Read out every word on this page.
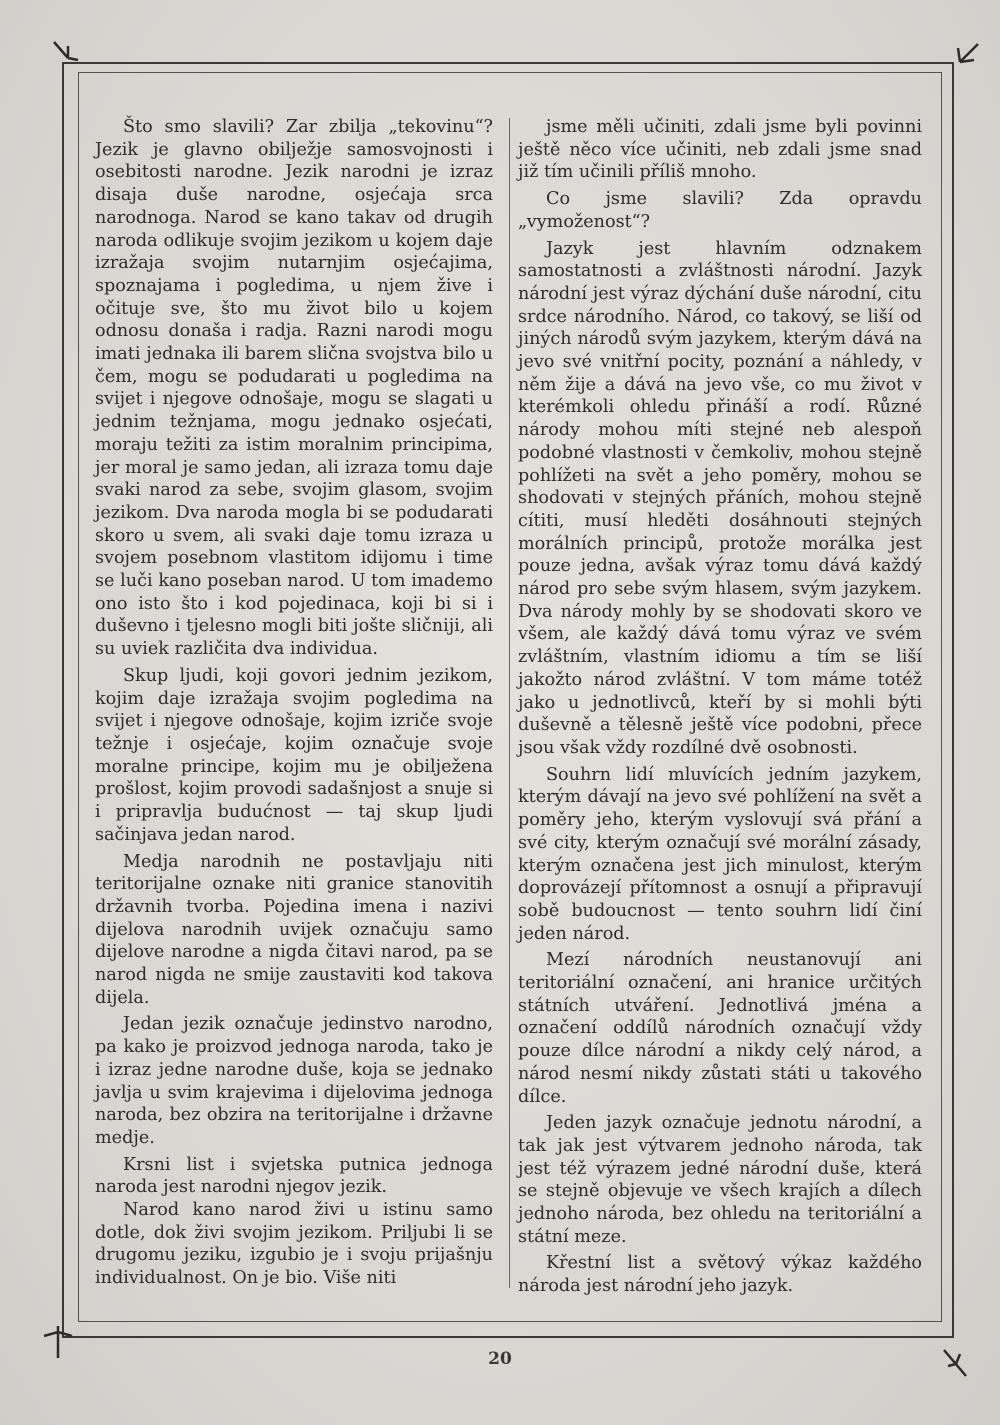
Što smo slavili? Zar zbilja „tekovinu“? Jezik je glavno obilježje samosvojnosti i osebitosti narodne. Jezik narodni je izraz disaja duše narodne, osjećaja srca narodnoga. Narod se kano takav od drugih naroda odlikuje svojim jezikom u kojem daje izražaja svojim nutarnjim osjećajima, spoznajama i pogledima, u njem žive i očituje sve, što mu život bilo u kojem odnosu donaša i radja. Razni narodi mogu imati jednaka ili barem slična svojstva bilo u čem, mogu se podudarati u pogledima na svijet i njegove odnošaje, mogu se slagati u jednim težnjama, mogu jednako osjećati, moraju težiti za istim moralnim principima, jer moral je samo jedan, ali izraza tomu daje svaki narod za sebe, svojim glasom, svojim jezikom. Dva naroda mogla bi se podudarati skoro u svem, ali svaki daje tomu izraza u svojem posebnom vlastitom idijomu i time se luči kano poseban narod. U tom imademo ono isto što i kod pojedinaca, koji bi si i duševno i tjelesno mogli biti jošte sličniji, ali su uviek različita dva individua.

Skup ljudi, koji govori jednim jezikom, kojim daje izražaja svojim pogledima na svijet i njegove odnošaje, kojim izriče svoje težnje i osjećaje, kojim označuje svoje moralne principe, kojim mu je obilježena prošlost, kojim provodi sadašnjost a snuje si i pripravlja budućnost — taj skup ljudi sačinjava jedan narod.

Medja narodnih ne postavljaju niti teritorijalne oznake niti granice stanovitih državnih tvorba. Pojedina imena i nazivi dijelova narodnih uvijek označuju samo dijelove narodne a nigda čitavi narod, pa se narod nigda ne smije zaustaviti kod takova dijela.

Jedan jezik označuje jedinstvo narodno, pa kako je proizvod jednoga naroda, tako je i izraz jedne narodne duše, koja se jednako javlja u svim krajevima i dijelovima jednoga naroda, bez obzira na teritorijalne i državne medje.

Krsni list i svjetska putnica jednoga naroda jest narodni njegov jezik.

Narod kano narod živi u istinu samo dotle, dok živi svojim jezikom. Priljubi li se drugomu jeziku, izgubio je i svoju prijašnju individualnost. On je bio. Više niti

jsme měli učiniti, zdali jsme byli povinni ještě něco více učiniti, neb zdali jsme snad již tím učinili příliš mnoho.

Co jsme slavili? Zda opravdu „vymoženost“?

Jazyk jest hlavním odznakem samostatnosti a zvláštnosti národní. Jazyk národní jest výraz dýchání duše národní, citu srdce národního. Národ, co takový, se liší od jiných národů svým jazykem, kterým dává na jevo své vnitřní pocity, poznání a náhledy, v něm žije a dává na jevo vše, co mu život v kterémkoli ohledu přináší a rodí. Různé národy mohou míti stejné neb alespoň podobné vlastnosti v čemkoliv, mohou stejně pohlížeti na svět a jeho poměry, mohou se shodovati v stejných přáních, mohou stejně cítiti, musí hleděti dosáhnouti stejných morálních principů, protože morálka jest pouze jedna, avšak výraz tomu dává každý národ pro sebe svým hlasem, svým jazykem. Dva národy mohly by se shodovati skoro ve všem, ale každý dává tomu výraz ve svém zvláštním, vlastním idiomu a tím se liší jakožto národ zvláštní. V tom máme totéž jako u jednotlivců, kteří by si mohli býti duševně a tělesně ještě více podobni, přece jsou však vždy rozdílné dvě osobnosti.

Souhrn lidí mluvících jedním jazykem, kterým dávají na jevo své pohlížení na svět a poměry jeho, kterým vyslovují svá přání a své city, kterým označují své morální zásady, kterým označena jest jich minulost, kterým doprovázejí přítomnost a osnují a připravují sobě budoucnost — tento souhrn lidí činí jeden národ.

Mezí národních neustanovují ani teritoriální označení, ani hranice určitých státních utváření. Jednotlivá jména a označení oddílů národních označují vždy pouze dílce národní a nikdy celý národ, a národ nesmí nikdy zůstati státi u takového dílce.

Jeden jazyk označuje jednotu národní, a tak jak jest výtvarem jednoho národa, tak jest též výrazem jedné národní duše, která se stejně objevuje ve všech krajích a dílech jednoho národa, bez ohledu na teritoriální a státní meze.

Křestní list a světový výkaz každého národa jest národní jeho jazyk.

20
